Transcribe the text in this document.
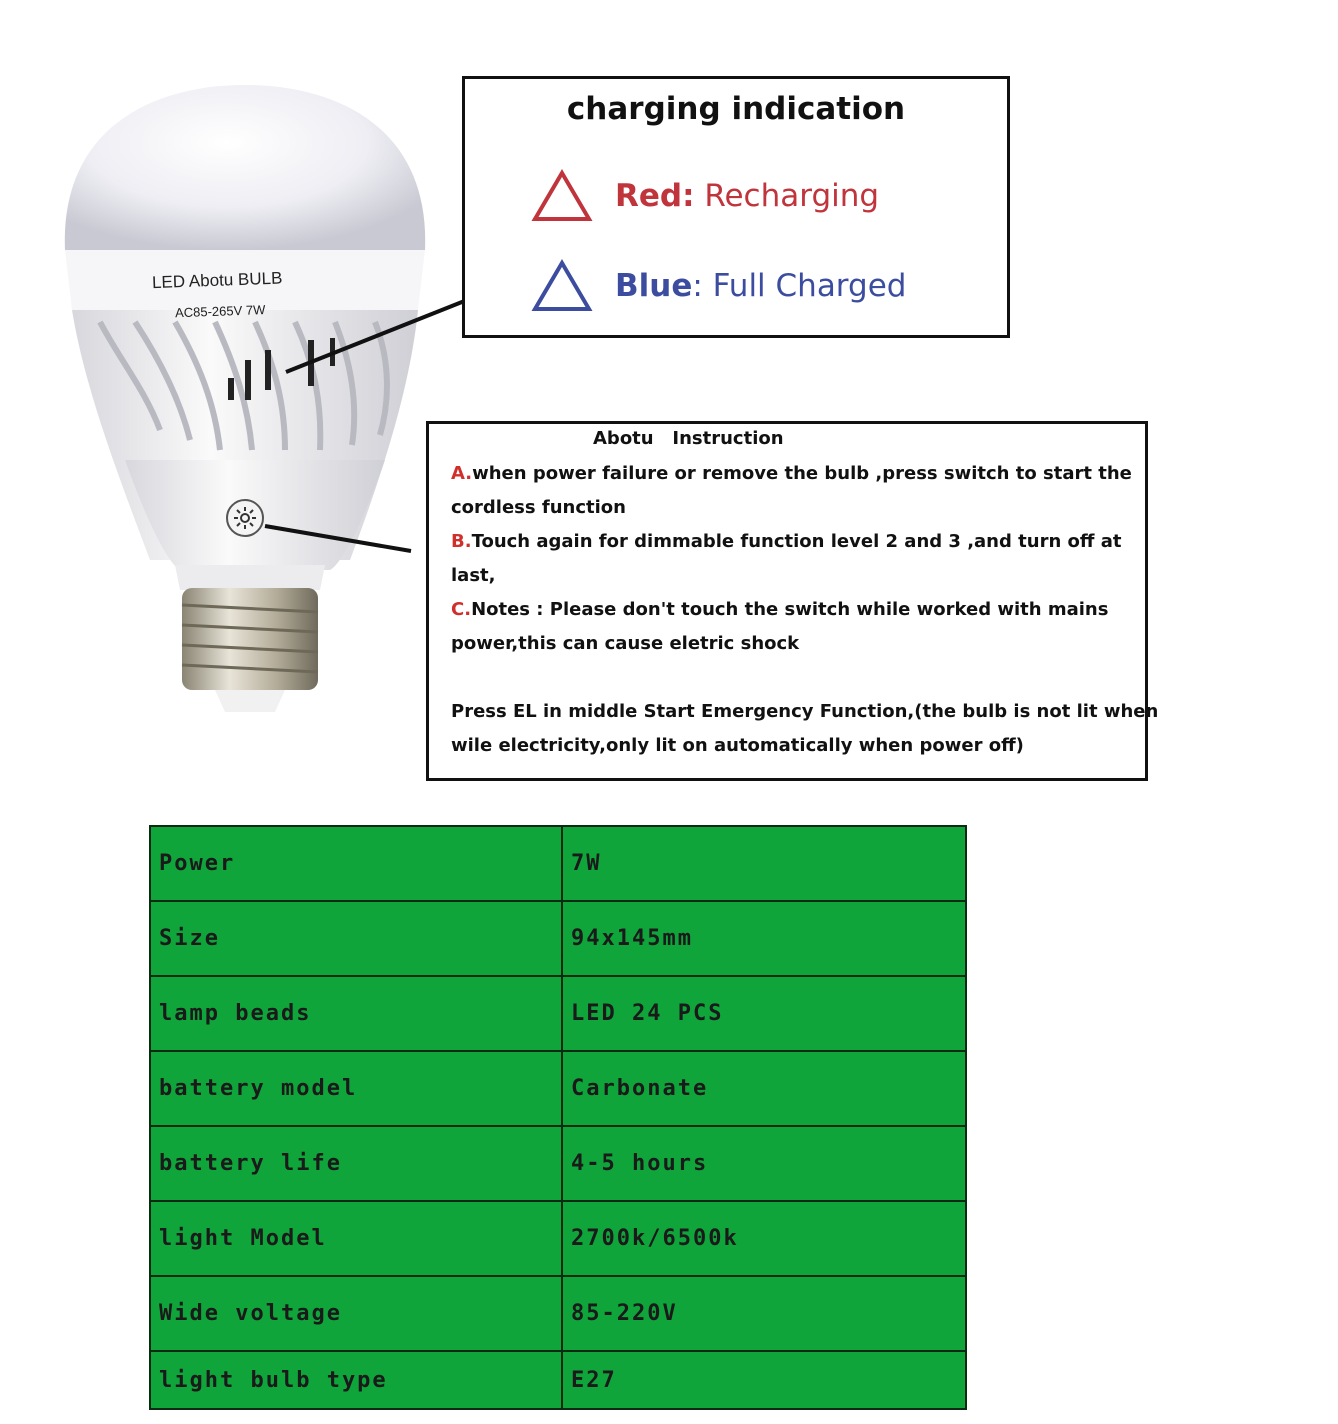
LED Abotu BULB
AC85-265V 7W
charging indication
Red: Recharging
Blue: Full Charged
Abotu   Instruction
A.when power failure or remove the bulb ,press switch to start the
cordless function
B.Touch again for dimmable function level 2 and 3 ,and turn off at
last,
C.Notes : Please don't touch the switch while worked with mains
power,this can cause eletric shock
Press EL in middle Start Emergency Function,(the bulb is not lit when
wile electricity,only lit on automatically when power off)
Power	7W
Size	94x145mm
lamp beads	LED 24 PCS
battery model	Carbonate
battery life	4-5 hours
light Model	2700k/6500k
Wide voltage	85-220V
light bulb type	E27
